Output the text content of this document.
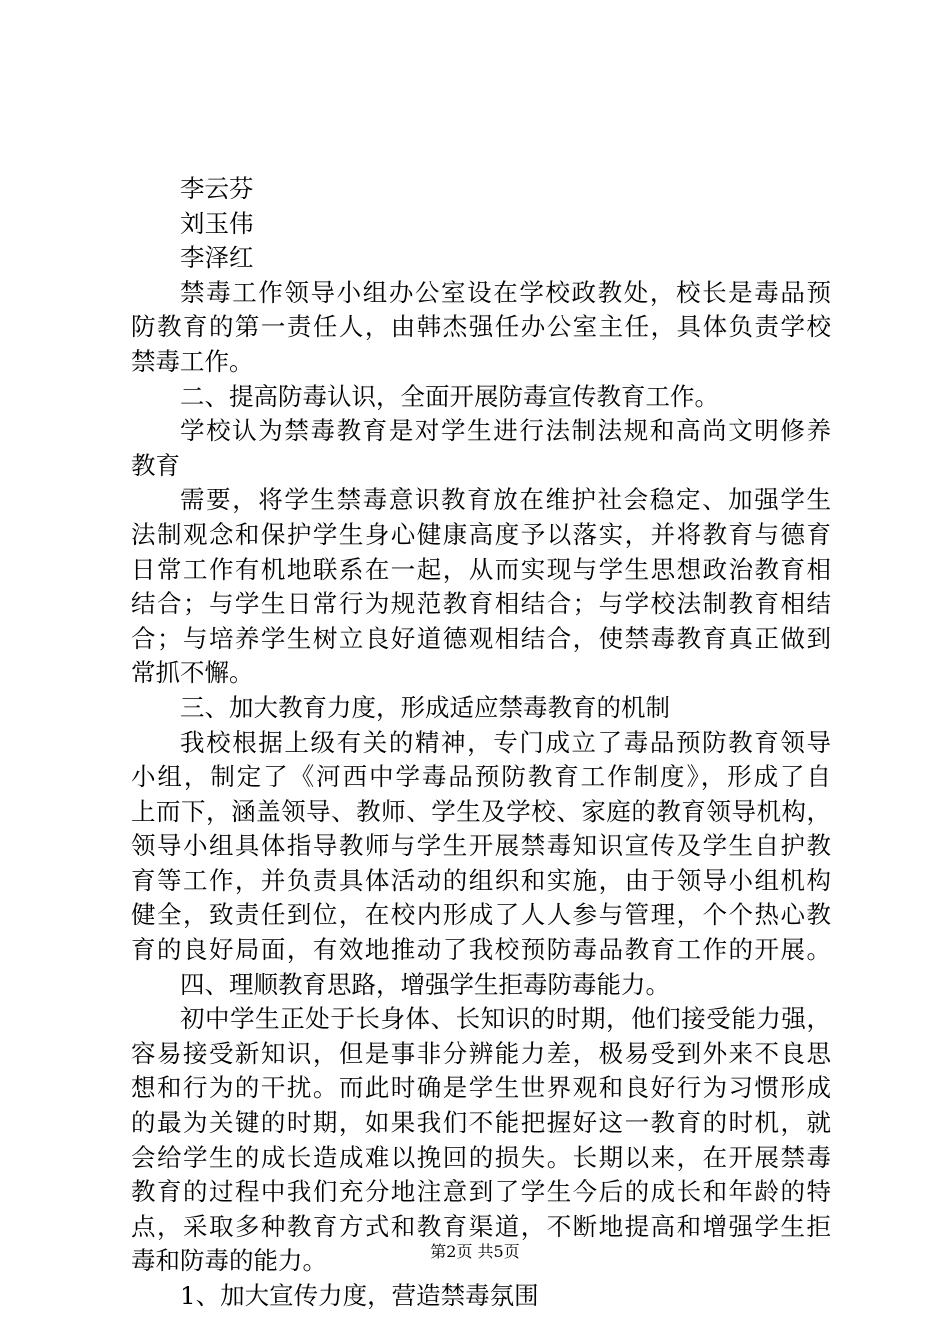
李云芬
刘玉伟
李泽红
禁毒工作领导小组办公室设在学校政教处，校长是毒品预
防教育的第一责任人，由韩杰强任办公室主任，具体负责学校
禁毒工作。
二、提高防毒认识，全面开展防毒宣传教育工作。
学校认为禁毒教育是对学生进行法制法规和高尚文明修养
教育
需要，将学生禁毒意识教育放在维护社会稳定、加强学生
法制观念和保护学生身心健康高度予以落实，并将教育与德育
日常工作有机地联系在一起，从而实现与学生思想政治教育相
结合；与学生日常行为规范教育相结合；与学校法制教育相结
合；与培养学生树立良好道德观相结合，使禁毒教育真正做到
常抓不懈。
三、加大教育力度，形成适应禁毒教育的机制
我校根据上级有关的精神，专门成立了毒品预防教育领导
小组，制定了《河西中学毒品预防教育工作制度》，形成了自
上而下，涵盖领导、教师、学生及学校、家庭的教育领导机构，
领导小组具体指导教师与学生开展禁毒知识宣传及学生自护教
育等工作，并负责具体活动的组织和实施，由于领导小组机构
健全，致责任到位，在校内形成了人人参与管理，个个热心教
育的良好局面，有效地推动了我校预防毒品教育工作的开展。
四、理顺教育思路，增强学生拒毒防毒能力。
初中学生正处于长身体、长知识的时期，他们接受能力强，
容易接受新知识，但是事非分辨能力差，极易受到外来不良思
想和行为的干扰。而此时确是学生世界观和良好行为习惯形成
的最为关键的时期，如果我们不能把握好这一教育的时机，就
会给学生的成长造成难以挽回的损失。长期以来，在开展禁毒
教育的过程中我们充分地注意到了学生今后的成长和年龄的特
点，采取多种教育方式和教育渠道，不断地提高和增强学生拒
毒和防毒的能力。
1、加大宣传力度，营造禁毒氛围
第2页 共5页
